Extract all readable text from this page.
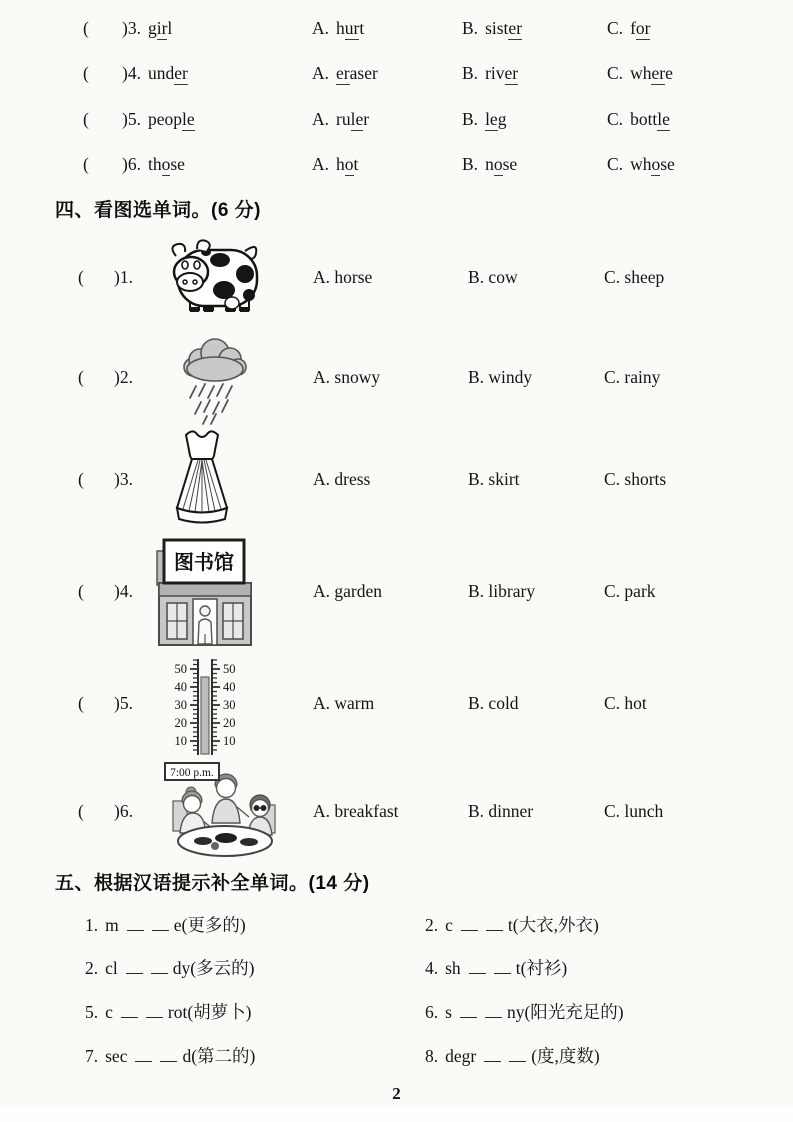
( )3. girl	A. hurt	B. sister	C. for
( )4. under	A. eraser	B. river	C. where
( )5. people	A. ruler	B. leg	C. bottle
( )6. those	A. hot	B. nose	C. whose
四、看图选单词。(6 分)
( )1.	A. horse	B. cow	C. sheep
( )2.	A. snowy	B. windy	C. rainy
( )3.	A. dress	B. skirt	C. shorts
( )4.	A. garden	B. library	C. park
图书馆
( )5.	A. warm	B. cold	C. hot
50
40
30
20
10
50
40
30
20
10
( )6.	A. breakfast	B. dinner	C. lunch
7:00 p.m.
五、根据汉语提示补全单词。(14 分)
1. m	e(更多的)	2. c	t(大衣,外衣)
2. cl	dy(多云的)	4. sh	t(衬衫)
5. c	rot(胡萝卜)	6. s	ny(阳光充足的)
7. sec	d(第二的)	8. degr	(度,度数)
2
